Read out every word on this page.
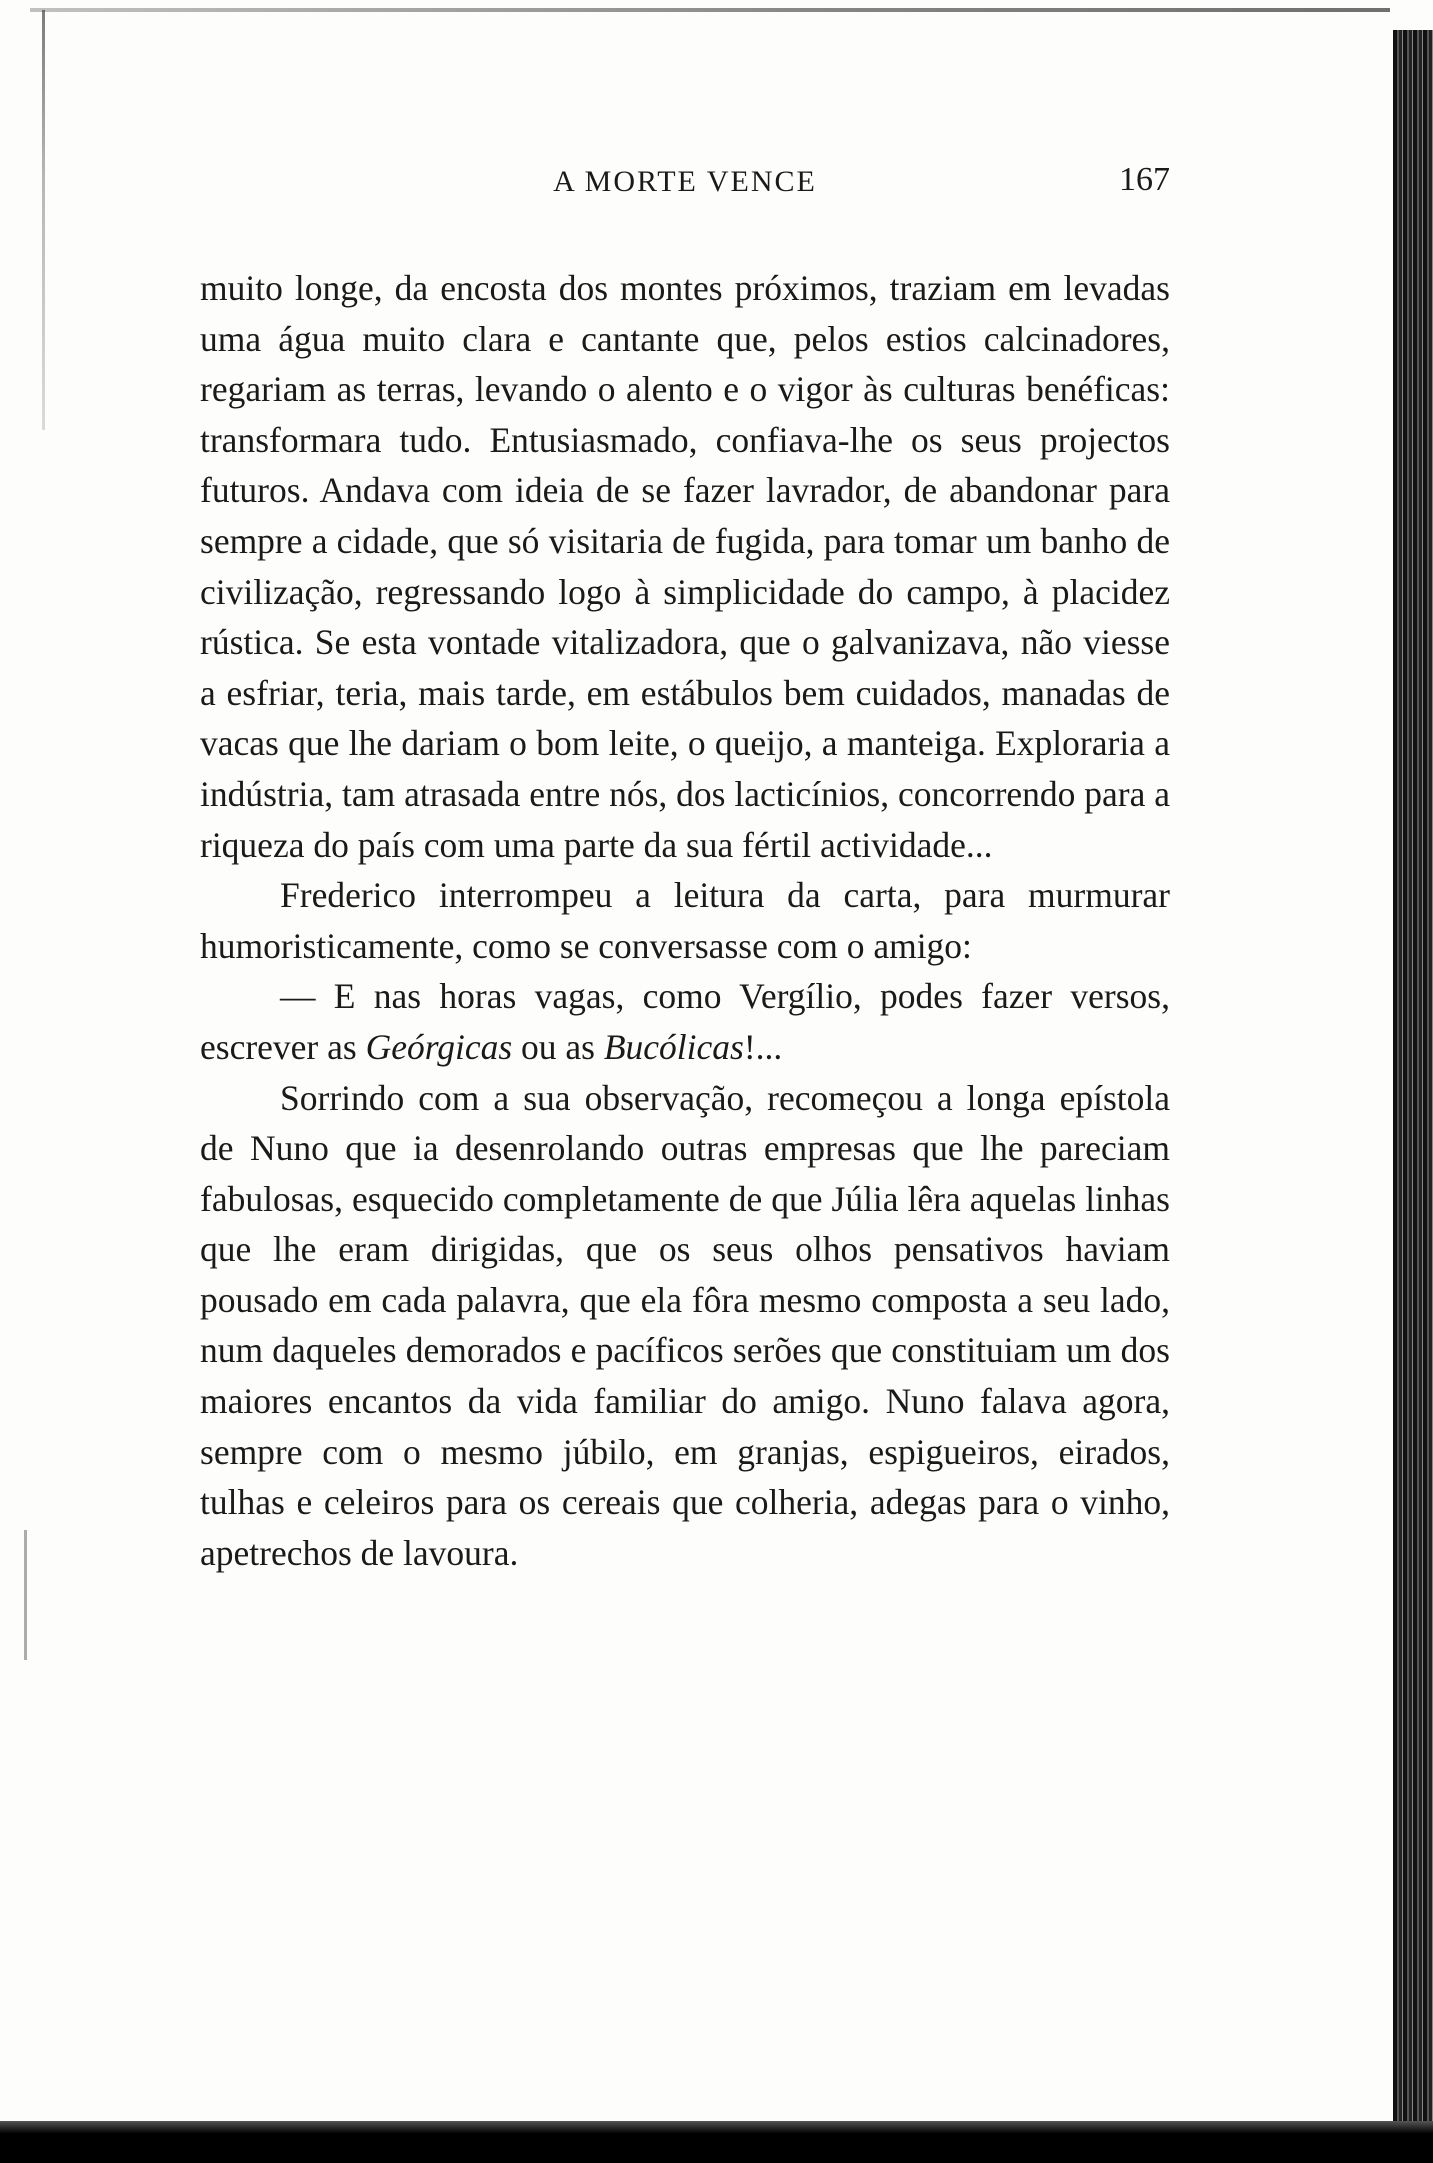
A MORTE VENCE	167

muito longe, da encosta dos montes próximos, traziam em levadas uma água muito clara e cantante que, pelos estios calcinadores, regariam as terras, levando o alento e o vigor às culturas benéficas: transformara tudo. Entusiasmado, confiava-lhe os seus projectos futuros. Andava com ideia de se fazer lavrador, de abandonar para sempre a cidade, que só visitaria de fugida, para tomar um banho de civilização, regressando logo à simplicidade do campo, à placidez rústica. Se esta vontade vitalizadora, que o galvanizava, não viesse a esfriar, teria, mais tarde, em estábulos bem cuidados, manadas de vacas que lhe dariam o bom leite, o queijo, a manteiga. Exploraria a indústria, tam atrasada entre nós, dos lacticínios, concorrendo para a riqueza do país com uma parte da sua fértil actividade...

Frederico interrompeu a leitura da carta, para murmurar humoristicamente, como se conversasse com o amigo:

— E nas horas vagas, como Vergílio, podes fazer versos, escrever as Geórgicas ou as Bucólicas!...

Sorrindo com a sua observação, recomeçou a longa epístola de Nuno que ia desenrolando outras empresas que lhe pareciam fabulosas, esquecido completamente de que Júlia lêra aquelas linhas que lhe eram dirigidas, que os seus olhos pensativos haviam pousado em cada palavra, que ela fôra mesmo composta a seu lado, num daqueles demorados e pacíficos serões que constituiam um dos maiores encantos da vida familiar do amigo. Nuno falava agora, sempre com o mesmo júbilo, em granjas, espigueiros, eirados, tulhas e celeiros para os cereais que colheria, adegas para o vinho, apetrechos de lavoura.
